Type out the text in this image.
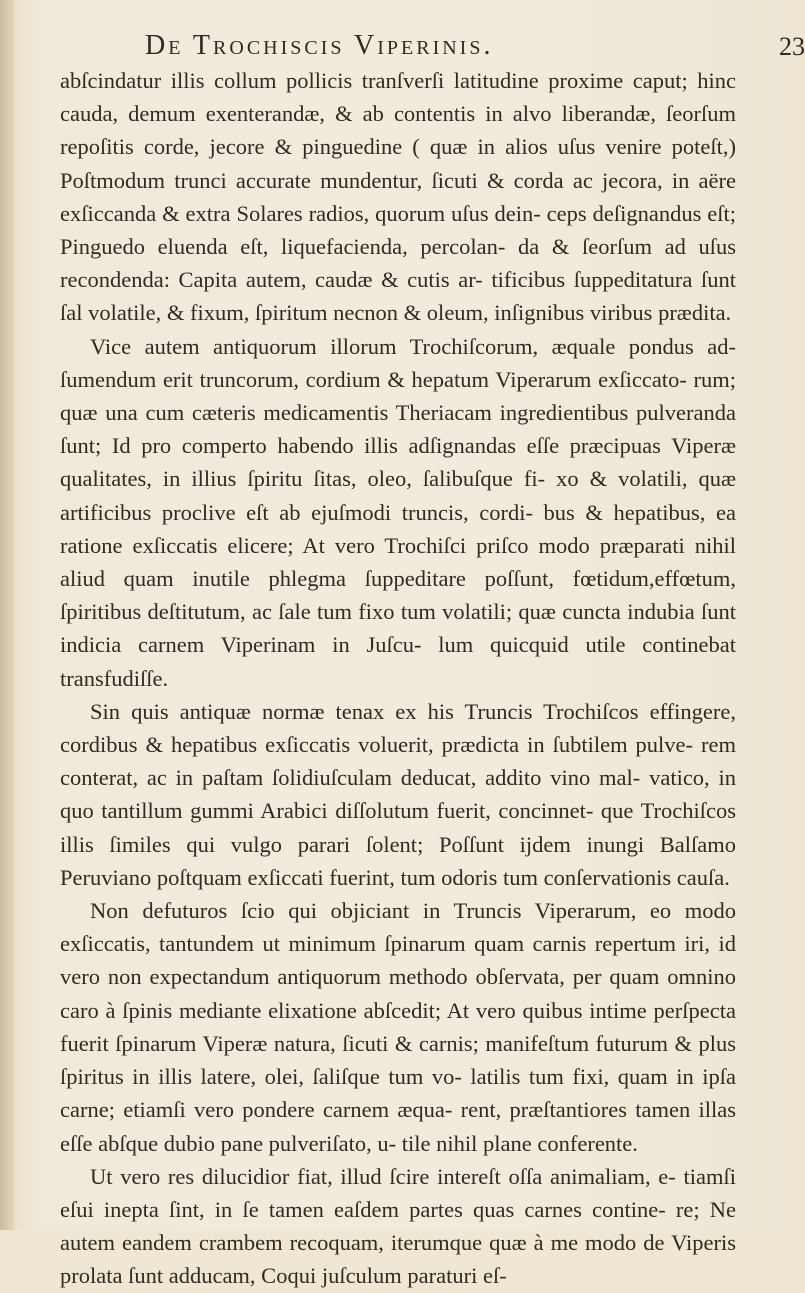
De Trochiscis Viperinis.	23

abſcindatur illis collum pollicis tranſverſi latitudine proxime caput; hinc cauda, demum exenterandæ, & ab contentis in alvo liberandæ, ſeorſum repoſitis corde, jecore & pinguedine ( quæ in alios uſus venire poteſt,) Poſtmodum trunci accurate mundentur, ſicuti & corda ac jecora, in aëre exſiccanda & extra Solares radios, quorum uſus dein- ceps deſignandus eſt; Pinguedo eluenda eſt, liquefacienda, percolan- da & ſeorſum ad uſus recondenda: Capita autem, caudæ & cutis ar- tificibus ſuppeditatura ſunt ſal volatile, & fixum, ſpiritum necnon & oleum, inſignibus viribus prædita.

Vice autem antiquorum illorum Trochiſcorum, æquale pondus ad- ſumendum erit truncorum, cordium & hepatum Viperarum exſiccato- rum; quæ una cum cæteris medicamentis Theriacam ingredientibus pulveranda ſunt; Id pro comperto habendo illis adſignandas eſſe præcipuas Viperæ qualitates, in illius ſpiritu ſitas, oleo, ſalibuſque fi- xo & volatili, quæ artificibus proclive eſt ab ejuſmodi truncis, cordi- bus & hepatibus, ea ratione exſiccatis elicere; At vero Trochiſci priſco modo præparati nihil aliud quam inutile phlegma ſuppeditare poſſunt, fœtidum,effœtum, ſpiritibus deſtitutum, ac ſale tum fixo tum volatili; quæ cuncta indubia ſunt indicia carnem Viperinam in Juſcu- lum quicquid utile continebat transfudiſſe.

Sin quis antiquæ normæ tenax ex his Truncis Trochiſcos effingere, cordibus & hepatibus exſiccatis voluerit, prædicta in ſubtilem pulve- rem conterat, ac in paſtam ſolidiuſculam deducat, addito vino mal- vatico, in quo tantillum gummi Arabici diſſolutum fuerit, concinnet- que Trochiſcos illis ſimiles qui vulgo parari ſolent; Poſſunt ijdem inungi Balſamo Peruviano poſtquam exſiccati fuerint, tum odoris tum conſervationis cauſa.

Non defuturos ſcio qui objiciant in Truncis Viperarum, eo modo exſiccatis, tantundem ut minimum ſpinarum quam carnis repertum iri, id vero non expectandum antiquorum methodo obſervata, per quam omnino caro à ſpinis mediante elixatione abſcedit; At vero quibus intime perſpecta fuerit ſpinarum Viperæ natura, ſicuti & carnis; manifeſtum futurum & plus ſpiritus in illis latere, olei, ſaliſque tum vo- latilis tum fixi, quam in ipſa carne; etiamſi vero pondere carnem æqua- rent, præſtantiores tamen illas eſſe abſque dubio pane pulveriſato, u- tile nihil plane conferente.

Ut vero res dilucidior fiat, illud ſcire intereſt oſſa animaliam, e- tiamſi eſui inepta ſint, in ſe tamen eaſdem partes quas carnes contine- re; Ne autem eandem crambem recoquam, iterumque quæ à me modo de Viperis prolata ſunt adducam, Coqui juſculum paraturi eſ-
